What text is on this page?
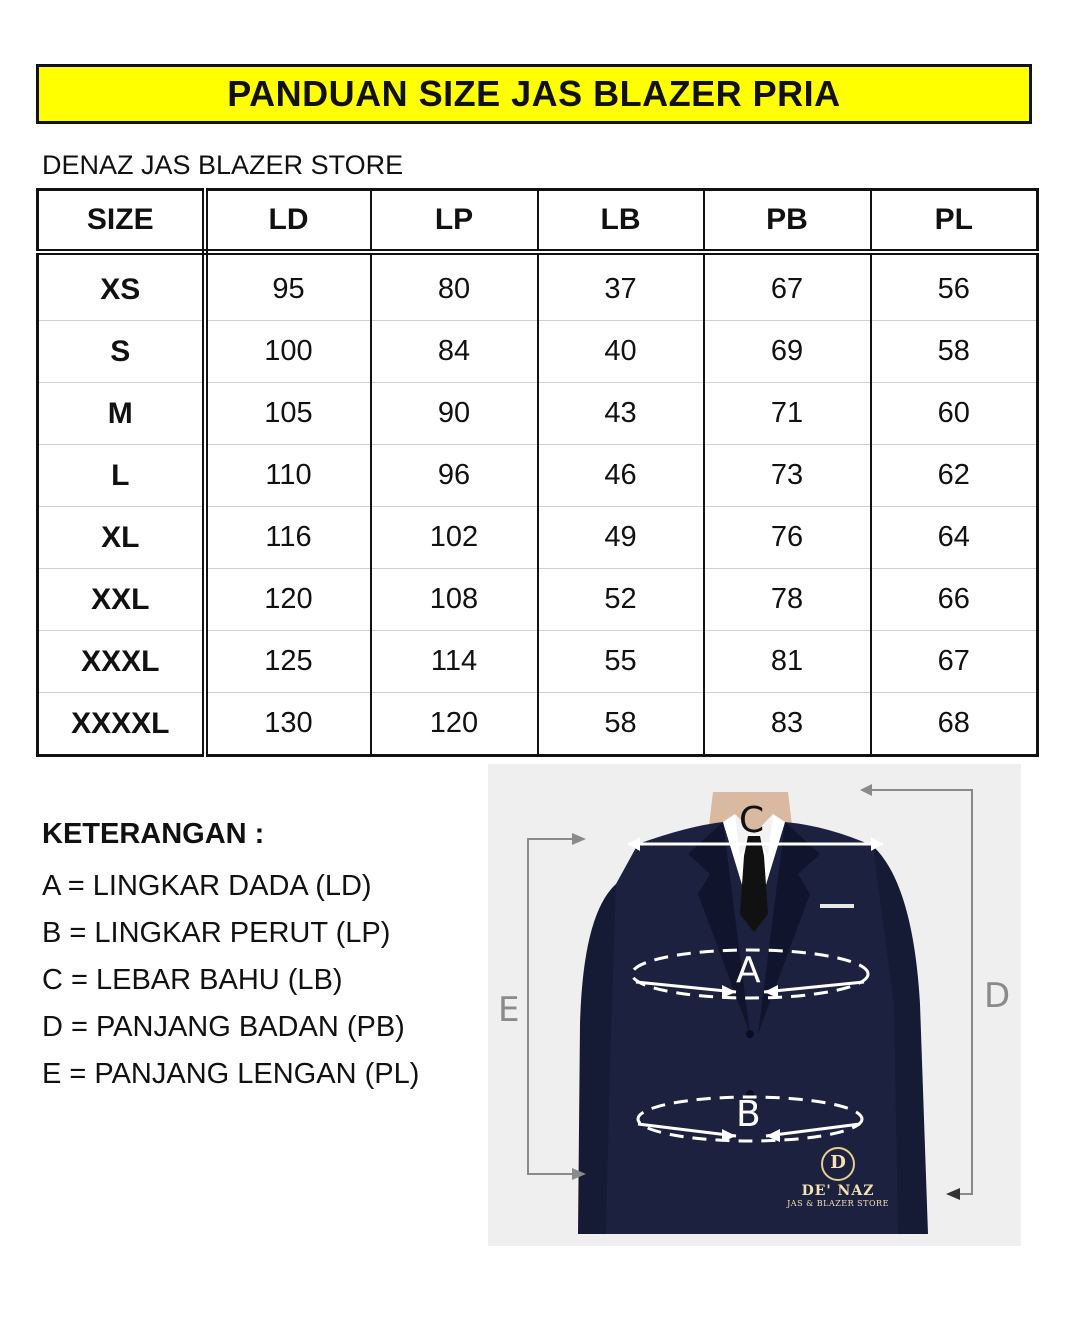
PANDUAN SIZE JAS BLAZER PRIA
DENAZ JAS BLAZER STORE
SIZE	LD	LP	LB	PB	PL
XS	95	80	37	67	56
S	100	84	40	69	58
M	105	90	43	71	60
L	110	96	46	73	62
XL	116	102	49	76	64
XXL	120	108	52	78	66
XXXL	125	114	55	81	67
XXXXL	130	120	58	83	68
KETERANGAN :
A = LINGKAR DADA (LD)
B = LINGKAR PERUT (LP)
C = LEBAR BAHU (LB)
D = PANJANG BADAN (PB)
E = PANJANG LENGAN (PL)
C
A
B
E	D
D
DE' NAZ
JAS & BLAZER STORE
